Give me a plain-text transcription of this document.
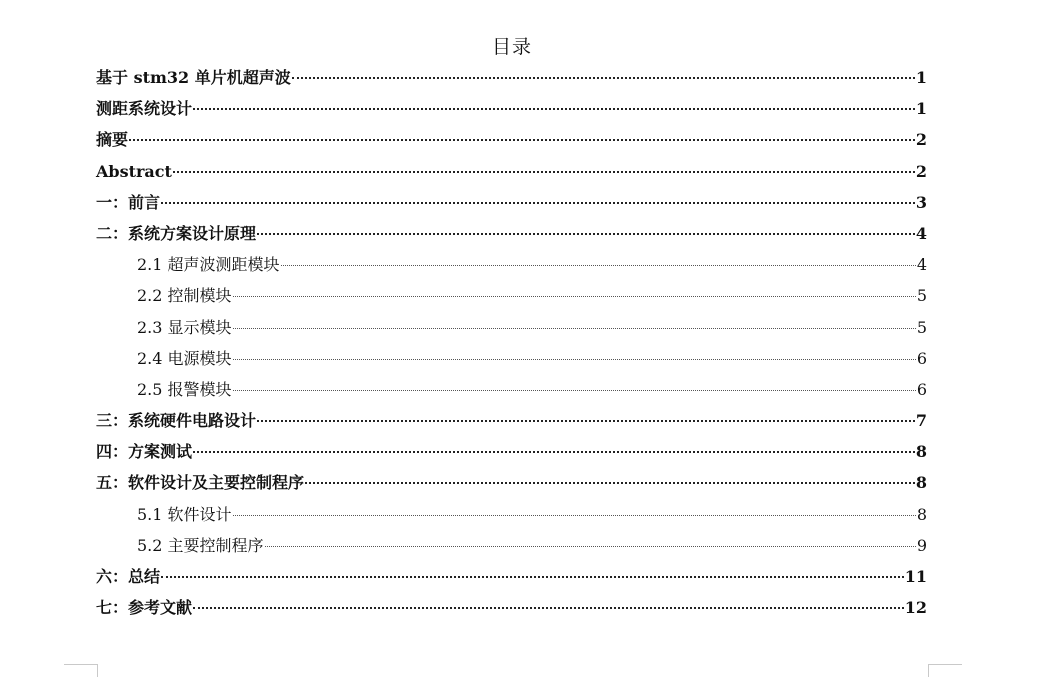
目录
基于 stm32 单片机超声波	1
测距系统设计	1
摘要	2
Abstract	2
一：前言	3
二：系统方案设计原理	4
2.1 超声波测距模块	4
2.2 控制模块	5
2.3 显示模块	5
2.4 电源模块	6
2.5 报警模块	6
三：系统硬件电路设计	7
四：方案测试	8
五：软件设计及主要控制程序	8
5.1 软件设计	8
5.2 主要控制程序	9
六：总结	11
七：参考文献	12
